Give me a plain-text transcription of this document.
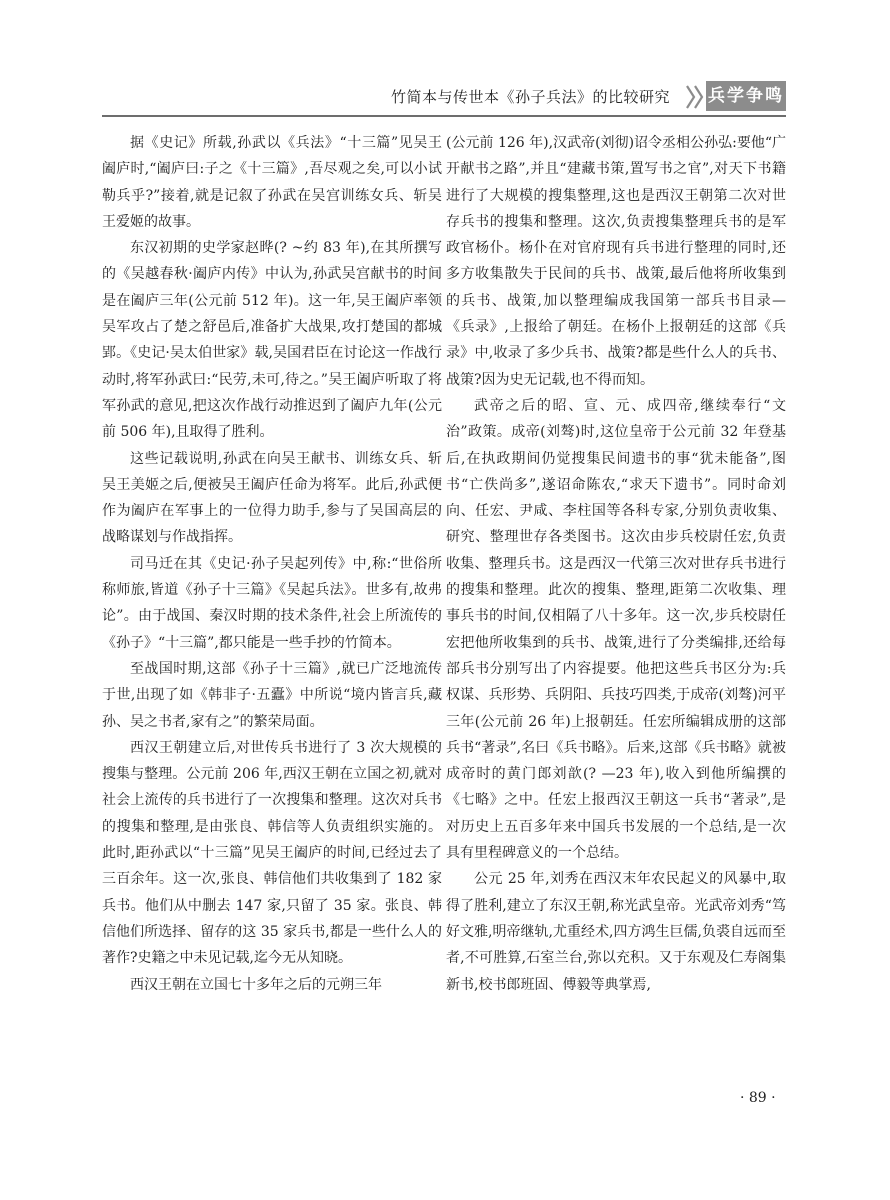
竹简本与传世本《孙子兵法》的比较研究 兵学争鸣

据《史记》所载,孙武以《兵法》“十三篇”见吴王阖庐时,“阖庐曰:子之《十三篇》,吾尽观之矣,可以小试勒兵乎?”接着,就是记叙了孙武在吴宫训练女兵、斩吴王爱姬的故事。

东汉初期的史学家赵晔(? ~约 83 年),在其所撰写的《吴越春秋·阖庐内传》中认为,孙武吴宫献书的时间是在阖庐三年(公元前 512 年)。这一年,吴王阖庐率领吴军攻占了楚之舒邑后,准备扩大战果,攻打楚国的都城郢。《史记·吴太伯世家》载,吴国君臣在讨论这一作战行动时,将军孙武曰:“民劳,未可,待之。”吴王阖庐听取了将军孙武的意见,把这次作战行动推迟到了阖庐九年(公元前 506 年),且取得了胜利。

这些记载说明,孙武在向吴王献书、训练女兵、斩吴王美姬之后,便被吴王阖庐任命为将军。此后,孙武便作为阖庐在军事上的一位得力助手,参与了吴国高层的战略谋划与作战指挥。

司马迁在其《史记·孙子吴起列传》中,称:“世俗所称师旅,皆道《孙子十三篇》《吴起兵法》。世多有,故弗论”。由于战国、秦汉时期的技术条件,社会上所流传的《孙子》“十三篇”,都只能是一些手抄的竹简本。

至战国时期,这部《孙子十三篇》,就已广泛地流传于世,出现了如《韩非子·五蠹》中所说“境内皆言兵,藏孙、吴之书者,家有之”的繁荣局面。

西汉王朝建立后,对世传兵书进行了 3 次大规模的搜集与整理。公元前 206 年,西汉王朝在立国之初,就对社会上流传的兵书进行了一次搜集和整理。这次对兵书的搜集和整理,是由张良、韩信等人负责组织实施的。此时,距孙武以“十三篇”见吴王阖庐的时间,已经过去了三百余年。这一次,张良、韩信他们共收集到了 182 家兵书。他们从中删去 147 家,只留了 35 家。张良、韩信他们所选择、留存的这 35 家兵书,都是一些什么人的著作?史籍之中未见记载,迄今无从知晓。

西汉王朝在立国七十多年之后的元朔三年

(公元前 126 年),汉武帝(刘彻)诏令丞相公孙弘:要他“广开献书之路”,并且“建藏书策,置写书之官”,对天下书籍进行了大规模的搜集整理,这也是西汉王朝第二次对世存兵书的搜集和整理。这次,负责搜集整理兵书的是军政官杨仆。杨仆在对官府现有兵书进行整理的同时,还多方收集散失于民间的兵书、战策,最后他将所收集到的兵书、战策,加以整理编成我国第一部兵书目录—《兵录》,上报给了朝廷。在杨仆上报朝廷的这部《兵录》中,收录了多少兵书、战策?都是些什么人的兵书、战策?因为史无记载,也不得而知。

武帝之后的昭、宣、元、成四帝,继续奉行“文治”政策。成帝(刘骜)时,这位皇帝于公元前 32 年登基后,在执政期间仍觉搜集民间遗书的事“犹未能备”,图书“亡佚尚多”,遂诏命陈农,“求天下遗书”。同时命刘向、任宏、尹咸、李柱国等各科专家,分别负责收集、研究、整理世存各类图书。这次由步兵校尉任宏,负责收集、整理兵书。这是西汉一代第三次对世存兵书进行的搜集和整理。此次的搜集、整理,距第二次收集、理事兵书的时间,仅相隔了八十多年。这一次,步兵校尉任宏把他所收集到的兵书、战策,进行了分类编排,还给每部兵书分别写出了内容提要。他把这些兵书区分为:兵权谋、兵形势、兵阴阳、兵技巧四类,于成帝(刘骜)河平三年(公元前 26 年)上报朝廷。任宏所编辑成册的这部兵书“著录”,名曰《兵书略》。后来,这部《兵书略》就被成帝时的黄门郎刘歆(? —23 年),收入到他所编撰的《七略》之中。任宏上报西汉王朝这一兵书“著录”,是对历史上五百多年来中国兵书发展的一个总结,是一次具有里程碑意义的一个总结。

公元 25 年,刘秀在西汉末年农民起义的风暴中,取得了胜利,建立了东汉王朝,称光武皇帝。光武帝刘秀“笃好文雅,明帝继轨,尤重经术,四方鸿生巨儒,负裘自远而至者,不可胜算,石室兰台,弥以充积。又于东观及仁寿阁集新书,校书郎班固、傅毅等典掌焉,

· 89 ·
